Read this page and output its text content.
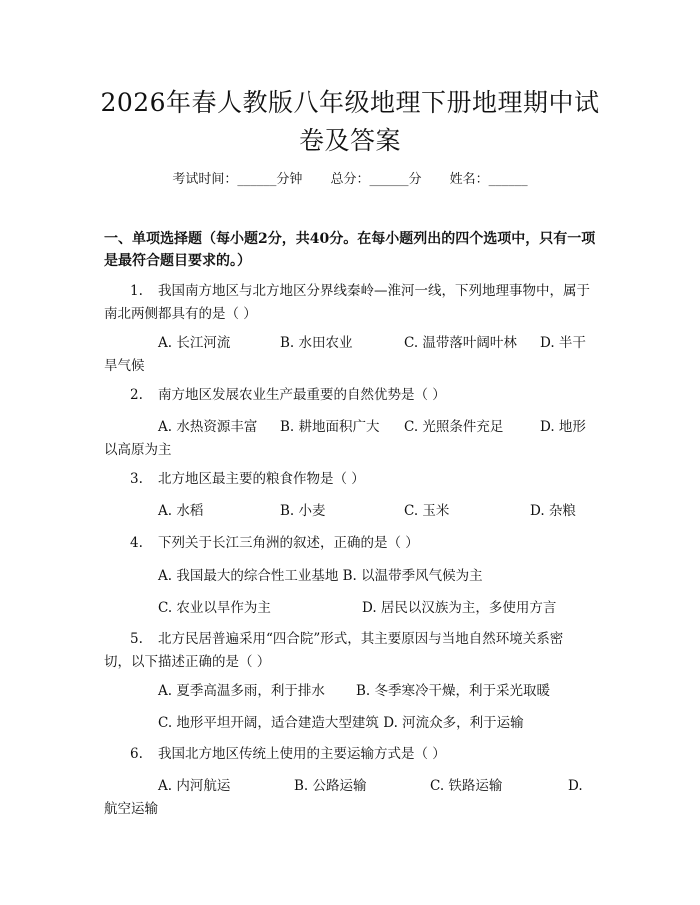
2026年春人教版八年级地理下册地理期中试
卷及答案
考试时间：______分钟 总分：______分 姓名：______
一、单项选择题（每小题2分，共40分。在每小题列出的四个选项中，只有一项
是最符合题目要求的。）
1. 我国南方地区与北方地区分界线秦岭—淮河一线，下列地理事物中，属于
南北两侧都具有的是（ ）
A. 长江河流	B. 水田农业	C. 温带落叶阔叶林 D. 半干
旱气候
2. 南方地区发展农业生产最重要的自然优势是（ ）
A. 水热资源丰富 B. 耕地面积广大 C. 光照条件充足	D. 地形
以高原为主
3. 北方地区最主要的粮食作物是（ ）
A. 水稻	B. 小麦	C. 玉米	D. 杂粮
4. 下列关于长江三角洲的叙述，正确的是（ ）
A. 我国最大的综合性工业基地 B. 以温带季风气候为主
C. 农业以旱作为主	D. 居民以汉族为主，多使用方言
5. 北方民居普遍采用“四合院”形式，其主要原因与当地自然环境关系密
切，以下描述正确的是（ ）
A. 夏季高温多雨，利于排水 B. 冬季寒冷干燥，利于采光取暖
C. 地形平坦开阔，适合建造大型建筑 D. 河流众多，利于运输
6. 我国北方地区传统上使用的主要运输方式是（ ）
A. 内河航运	B. 公路运输	C. 铁路运输	D.
航空运输
